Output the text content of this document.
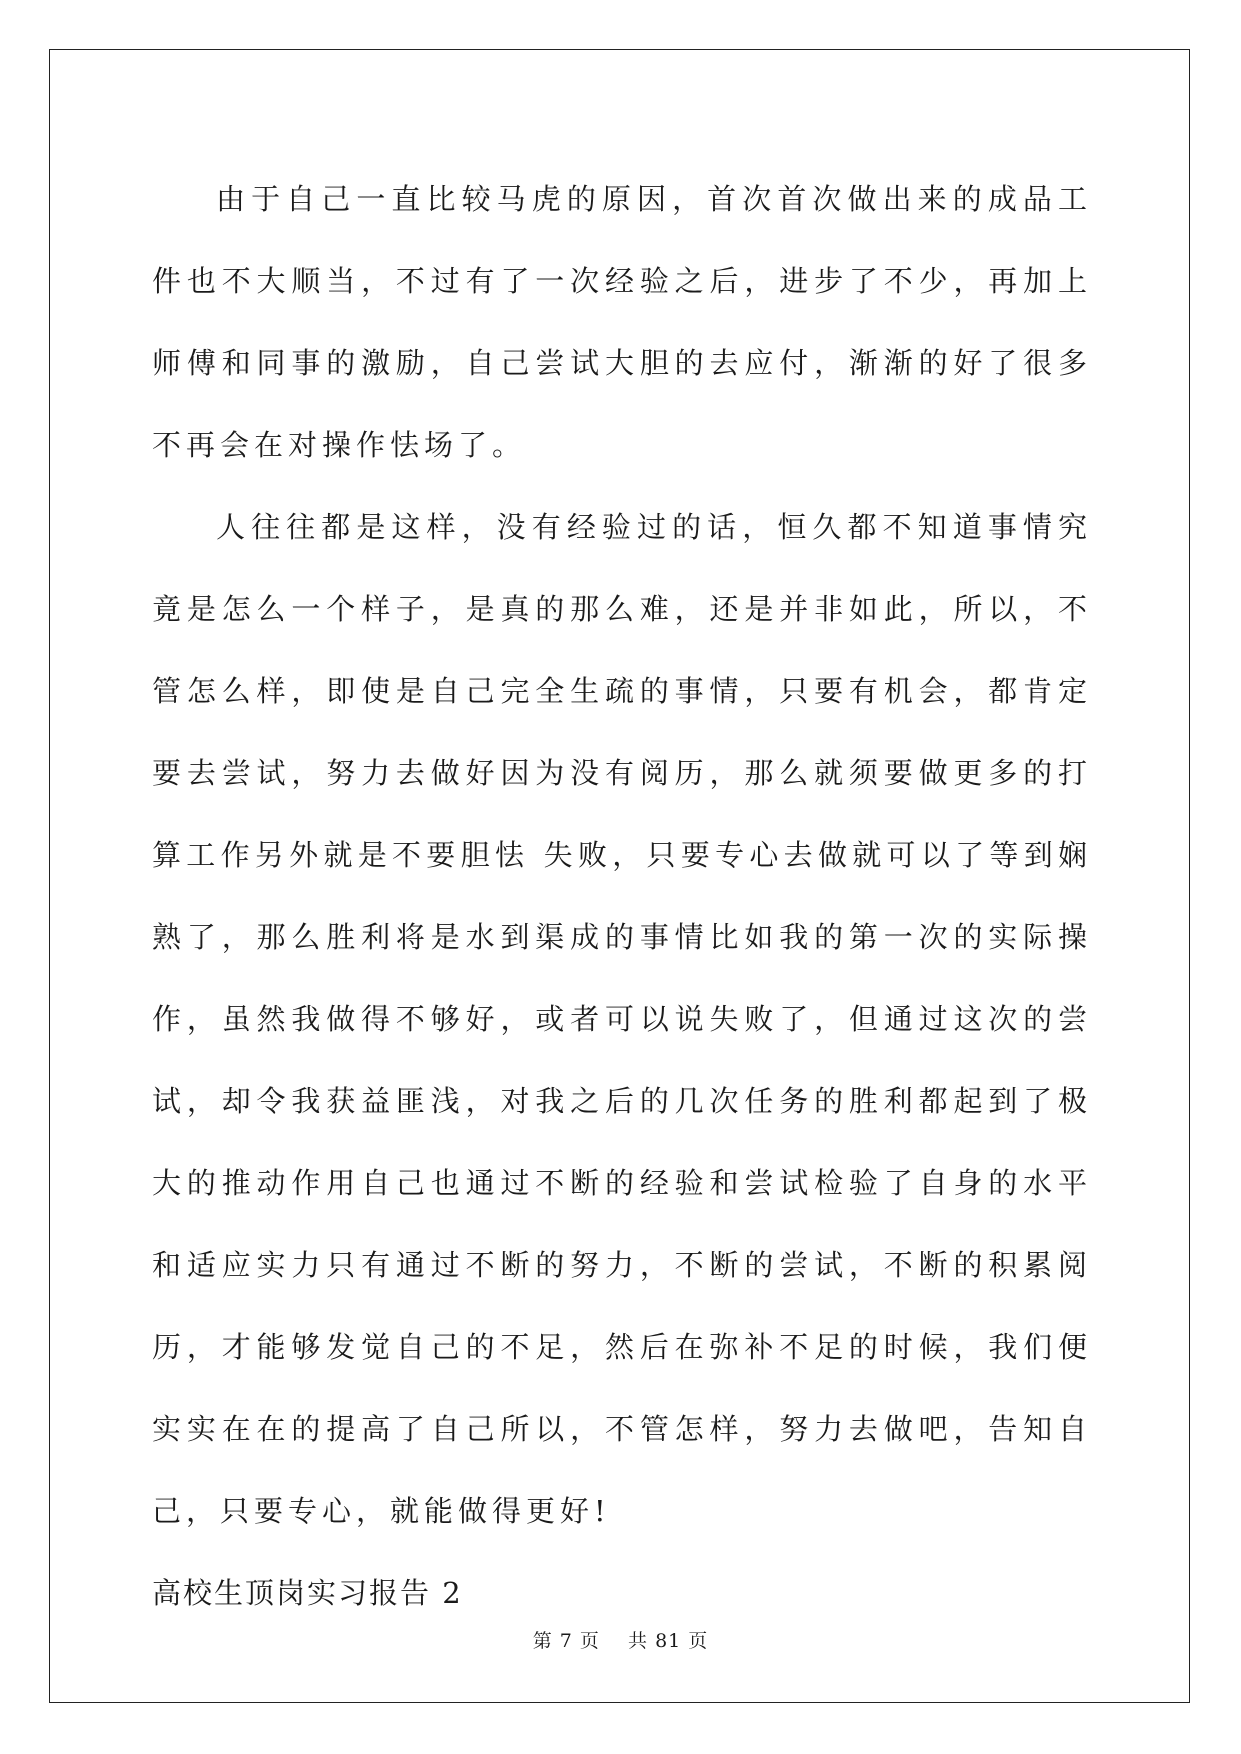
由于自己一直比较马虎的原因，首次首次做出来的成品工件也不大顺当，不过有了一次经验之后，进步了不少，再加上师傅和同事的激励，自己尝试大胆的去应付，渐渐的好了很多不再会在对操作怯场了。

人往往都是这样，没有经验过的话，恒久都不知道事情究竟是怎么一个样子，是真的那么难，还是并非如此，所以，不管怎么样，即使是自己完全生疏的事情，只要有机会，都肯定要去尝试，努力去做好因为没有阅历，那么就须要做更多的打算工作另外就是不要胆怯 失败，只要专心去做就可以了等到娴熟了，那么胜利将是水到渠成的事情比如我的第一次的实际操作，虽然我做得不够好，或者可以说失败了，但通过这次的尝试，却令我获益匪浅，对我之后的几次任务的胜利都起到了极大的推动作用自己也通过不断的经验和尝试检验了自身的水平和适应实力只有通过不断的努力，不断的尝试，不断的积累阅历，才能够发觉自己的不足，然后在弥补不足的时候，我们便实实在在的提高了自己所以，不管怎样，努力去做吧，告知自己，只要专心，就能做得更好!

高校生顶岗实习报告 2

第 7 页 共 81 页
